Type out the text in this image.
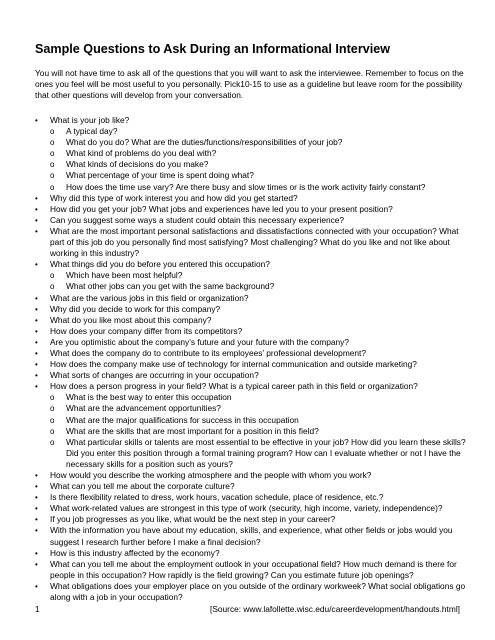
Sample Questions to Ask During an Informational Interview

You will not have time to ask all of the questions that you will want to ask the interviewee. Remember to focus on the ones you feel will be most useful to you personally. Pick10-15 to use as a guideline but leave room for the possibility that other questions will develop from your conversation.

•	What is your job like?
o	A typical day?
o	What do you do? What are the duties/functions/responsibilities of your job?
o	What kind of problems do you deal with?
o	What kinds of decisions do you make?
o	What percentage of your time is spent doing what?
o	How does the time use vary? Are there busy and slow times or is the work activity fairly constant?
•	Why did this type of work interest you and how did you get started?
•	How did you get your job? What jobs and experiences have led you to your present position?
•	Can you suggest some ways a student could obtain this necessary experience?
•	What are the most important personal satisfactions and dissatisfactions connected with your occupation? What part of this job do you personally find most satisfying? Most challenging? What do you like and not like about working in this industry?
•	What things did you do before you entered this occupation?
o	Which have been most helpful?
o	What other jobs can you get with the same background?
•	What are the various jobs in this field or organization?
•	Why did you decide to work for this company?
•	What do you like most about this company?
•	How does your company differ from its competitors?
•	Are you optimistic about the company’s future and your future with the company?
•	What does the company do to contribute to its employees’ professional development?
•	How does the company make use of technology for internal communication and outside marketing?
•	What sorts of changes are occurring in your occupation?
•	How does a person progress in your field? What is a typical career path in this field or organization?
o	What is the best way to enter this occupation
o	What are the advancement opportunities?
o	What are the major qualifications for success in this occupation
o	What are the skills that are most important for a position in this field?
o	What particular skills or talents are most essential to be effective in your job? How did you learn these skills? Did you enter this position through a formal training program? How can I evaluate whether or not I have the necessary skills for a position such as yours?
•	How would you describe the working atmosphere and the people with whom you work?
•	What can you tell me about the corporate culture?
•	Is there flexibility related to dress, work hours, vacation schedule, place of residence, etc.?
•	What work-related values are strongest in this type of work (security, high income, variety, independence)?
•	If you job progresses as you like, what would be the next step in your career?
•	With the information you have about my education, skills, and experience, what other fields or jobs would you suggest I research further before I make a final decision?
•	How is this industry affected by the economy?
•	What can you tell me about the employment outlook in your occupational field? How much demand is there for people in this occupation? How rapidly is the field growing? Can you estimate future job openings?
•	What obligations does your employer place on you outside of the ordinary workweek? What social obligations go along with a job in your occupation?
1	[Source: www.lafollette.wisc.edu/careerdevelopment/handouts.html]
